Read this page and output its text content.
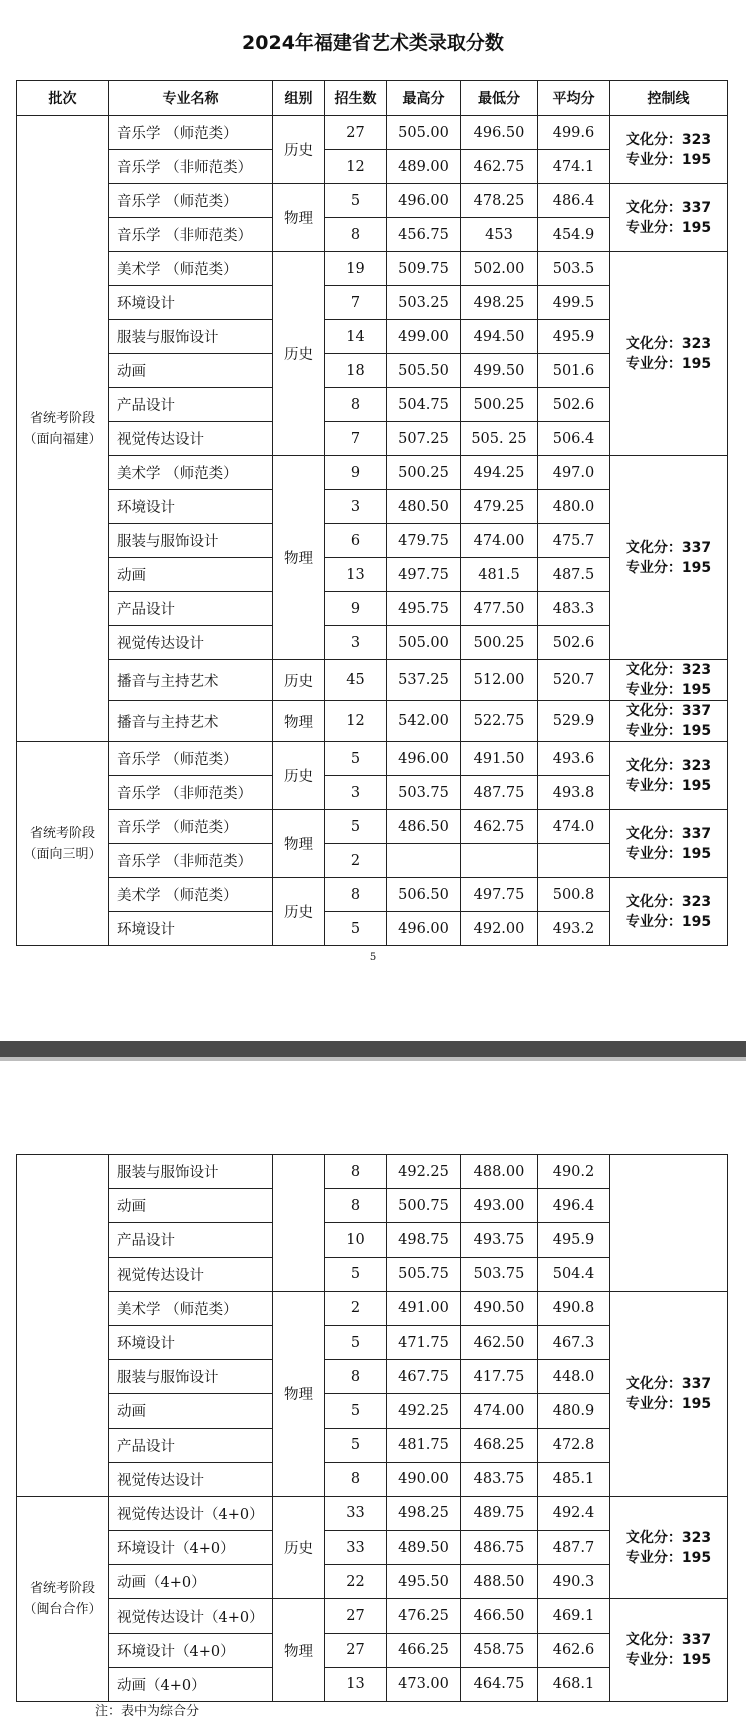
2024年福建省艺术类录取分数
批次	专业名称	组别	招生数	最高分	最低分	平均分	控制线
省统考阶段
（面向福建）	音乐学 （师范类）	历史	27	505.00	496.50	499.6	文化分：323
专业分：195
	音乐学 （非师范类）		12	489.00	462.75	474.1	
	音乐学 （师范类）	物理	5	496.00	478.25	486.4	文化分：337
专业分：195
	音乐学 （非师范类）		8	456.75	453	454.9	
	美术学 （师范类）	历史	19	509.75	502.00	503.5	文化分：323
专业分：195
	环境设计		7	503.25	498.25	499.5	
	服装与服饰设计		14	499.00	494.50	495.9	
	动画		18	505.50	499.50	501.6	
	产品设计		8	504.75	500.25	502.6	
	视觉传达设计		7	507.25	505. 25	506.4	
	美术学 （师范类）	物理	9	500.25	494.25	497.0	文化分：337
专业分：195
	环境设计		3	480.50	479.25	480.0	
	服装与服饰设计		6	479.75	474.00	475.7	
	动画		13	497.75	481.5	487.5	
	产品设计		9	495.75	477.50	483.3	
	视觉传达设计		3	505.00	500.25	502.6	
	播音与主持艺术	历史	45	537.25	512.00	520.7	文化分：323
专业分：195
	播音与主持艺术	物理	12	542.00	522.75	529.9	文化分：337
专业分：195
省统考阶段
（面向三明）	音乐学 （师范类）	历史	5	496.00	491.50	493.6	文化分：323
专业分：195
	音乐学 （非师范类）		3	503.75	487.75	493.8	
	音乐学 （师范类）	物理	5	486.50	462.75	474.0	文化分：337
专业分：195
	音乐学 （非师范类）		2				
	美术学 （师范类）	历史	8	506.50	497.75	500.8	文化分：323
专业分：195
	环境设计		5	496.00	492.00	493.2	
5
	服装与服饰设计		8	492.25	488.00	490.2	
	动画		8	500.75	493.00	496.4	
	产品设计		10	498.75	493.75	495.9	
	视觉传达设计		5	505.75	503.75	504.4	
	美术学 （师范类）	物理	2	491.00	490.50	490.8	文化分：337
专业分：195
	环境设计		5	471.75	462.50	467.3	
	服装与服饰设计		8	467.75	417.75	448.0	
	动画		5	492.25	474.00	480.9	
	产品设计		5	481.75	468.25	472.8	
	视觉传达设计		8	490.00	483.75	485.1	
省统考阶段
（闽台合作）	视觉传达设计（4+0）	历史	33	498.25	489.75	492.4	文化分：323
专业分：195
	环境设计（4+0）		33	489.50	486.75	487.7	
	动画（4+0）		22	495.50	488.50	490.3	
	视觉传达设计（4+0）	物理	27	476.25	466.50	469.1	文化分：337
专业分：195
	环境设计（4+0）		27	466.25	458.75	462.6	
	动画（4+0）		13	473.00	464.75	468.1	
注：表中为综合分
